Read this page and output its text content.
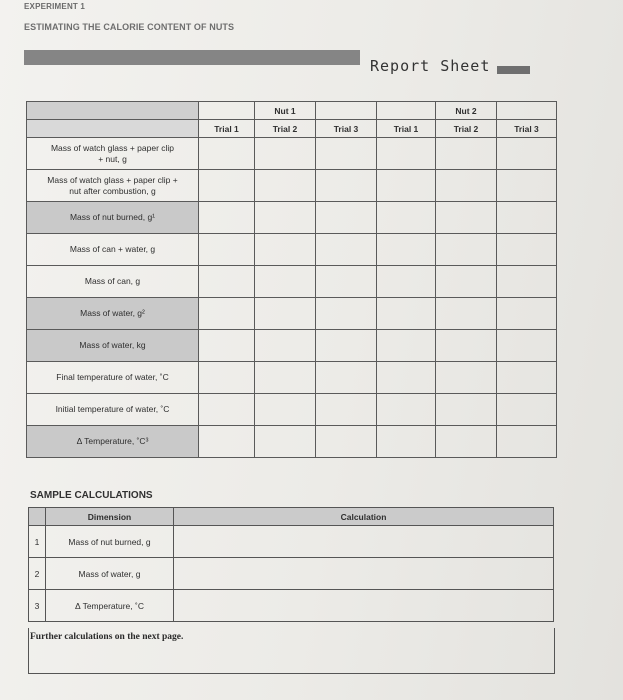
EXPERIMENT 1
ESTIMATING THE CALORIE CONTENT OF NUTS
Report Sheet
		Nut 1			Nut 2	
	Trial 1	Trial 2	Trial 3	Trial 1	Trial 2	Trial 3

Mass of watch glass + paper clip
+ nut, g						

Mass of watch glass + paper clip +
nut after combustion, g						

Mass of nut burned, g¹						
Mass of can + water, g						
Mass of can, g						
Mass of water, g²						
Mass of water, kg						
Final temperature of water, ˚C						
Initial temperature of water, ˚C						
Δ Temperature, ˚C³						
SAMPLE CALCULATIONS
	Dimension	Calculation
1	Mass of nut burned, g	
2	Mass of water, g	
3	Δ Temperature, ˚C	
Further calculations on the next page.
